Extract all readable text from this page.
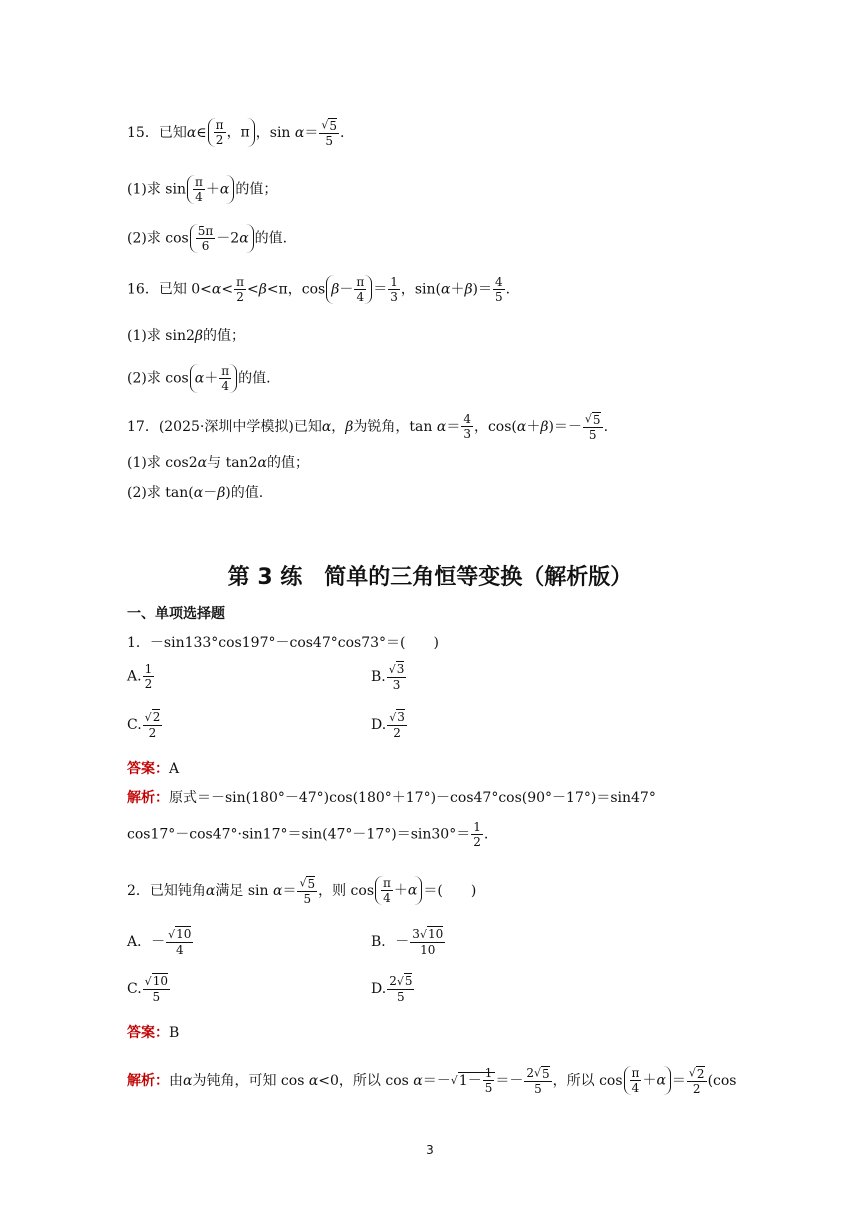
15．已知α∈ $\frac{\pi}{2}$ ，π ，$\sin \alpha= \frac{√5}{5}$ .
(1)求 $\sin \frac{\pi}{4} +\alpha$ 的值；
(2)求 $\cos \frac{5\pi}{6} -2\alpha$ 的值.
16．已知 $0<\alpha< \frac{\pi}{2} <\beta<\pi$，$\cos \beta- \frac{\pi}{4} = \frac{1}{3}$ ，$\sin(\alpha+\beta)= \frac{4}{5}$ .
(1)求 sin2β的值；
(2)求 $\cos \alpha+ \frac{\pi}{4}$ 的值.
17．(2025·深圳中学模拟)已知α，β为锐角，$\tan \alpha= \frac{4}{3}$ ，$\cos(\alpha+\beta)=- \frac{√5}{5}$ .
(1)求 cos2α与 tan2α的值；
(2)求 tan(α－β)的值.
第 3 练　简单的三角恒等变换（解析版）
一、单项选择题
1．－sin133°cos197°－cos47°cos73°＝(　　)
A. $\frac{1}{2}$	B. $\frac{√3}{3}$
C. $\frac{√2}{2}$	D. $\frac{√3}{2}$
答案：A
解析：原式＝－sin(180°－47°)cos(180°＋17°)－cos47°cos(90°－17°)＝sin47°
$\cos 17^\circ-\cos 47^\circ\cdot\sin 17^\circ=\sin(47^\circ-17^\circ)=\sin 30^\circ= \frac{1}{2}$ .
2．已知钝角α满足 $\sin \alpha= \frac{√5}{5}$ ，则 $\cos \frac{\pi}{4} +\alpha$ ＝(　　)
A．－ $\frac{√10}{4}$	B．－ $\frac{3√10}{10}$
C. $\frac{√10}{5}$	D. $\frac{2√5}{5}$
答案：B
解析：由α为钝角，可知 cos α<0，所以 $\cos \alpha=-√1- \frac{1}{5} =- \frac{2√5}{5}$ ，所以 $\cos \frac{\pi}{4} +\alpha = \frac{√2}{2} (\cos$
3
